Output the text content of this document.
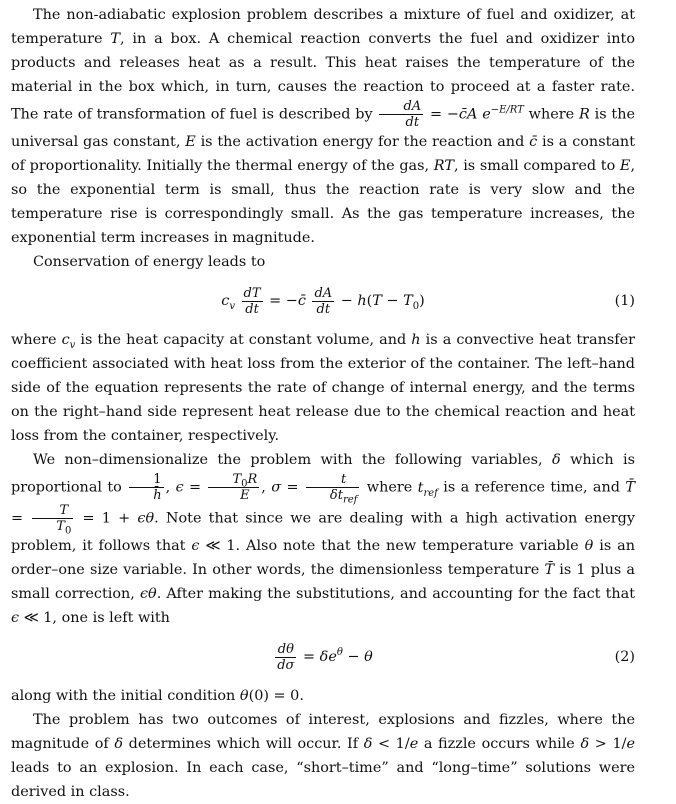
The non-adiabatic explosion problem describes a mixture of fuel and oxidizer, at temperature T, in a box. A chemical reaction converts the fuel and oxidizer into products and releases heat as a result. This heat raises the temperature of the material in the box which, in turn, causes the reaction to proceed at a faster rate. The rate of transformation of fuel is described by $\frac{dA}{dt}$ = −c̄A $e^{-E/RT}$ where R is the universal gas constant, E is the activation energy for the reaction and c̄ is a constant of proportionality. Initially the thermal energy of the gas, RT, is small compared to E, so the exponential term is small, thus the reaction rate is very slow and the temperature rise is correspondingly small. As the gas temperature increases, the exponential term increases in magnitude.

Conservation of energy leads to

$c_v \frac{dT}{dt}$ = −c̄ $\frac{dA}{dt} - h(T - T_0)$	(1)

where $c_v$ is the heat capacity at constant volume, and h is a convective heat transfer coefficient associated with heat loss from the exterior of the container. The left–hand side of the equation represents the rate of change of internal energy, and the terms on the right–hand side represent heat release due to the chemical reaction and heat loss from the container, respectively.

We non–dimensionalize the problem with the following variables, δ which is proportional to $\frac{1}{h̄}$ , $\epsilon = \frac{T_0R}{E}$ , $\sigma = \frac{t}{\delta t_{ref}}$ where $t_{ref}$ is a reference time, and T̄ = $\frac{T}{T_0} = 1 + \epsilon\theta$. Note that since we are dealing with a high activation energy problem, it follows that ϵ ≪ 1. Also note that the new temperature variable θ is an order–one size variable. In other words, the dimensionless temperature T̄ is 1 plus a small correction, ϵθ. After making the substitutions, and accounting for the fact that ϵ ≪ 1, one is left with

$\frac{d\theta}{d\sigma} = \delta e^\theta - \theta$	(2)

along with the initial condition θ(0) = 0.

The problem has two outcomes of interest, explosions and fizzles, where the magnitude of δ determines which will occur. If δ < 1/e a fizzle occurs while δ > 1/e leads to an explosion. In each case, “short–time” and “long–time” solutions were derived in class.
